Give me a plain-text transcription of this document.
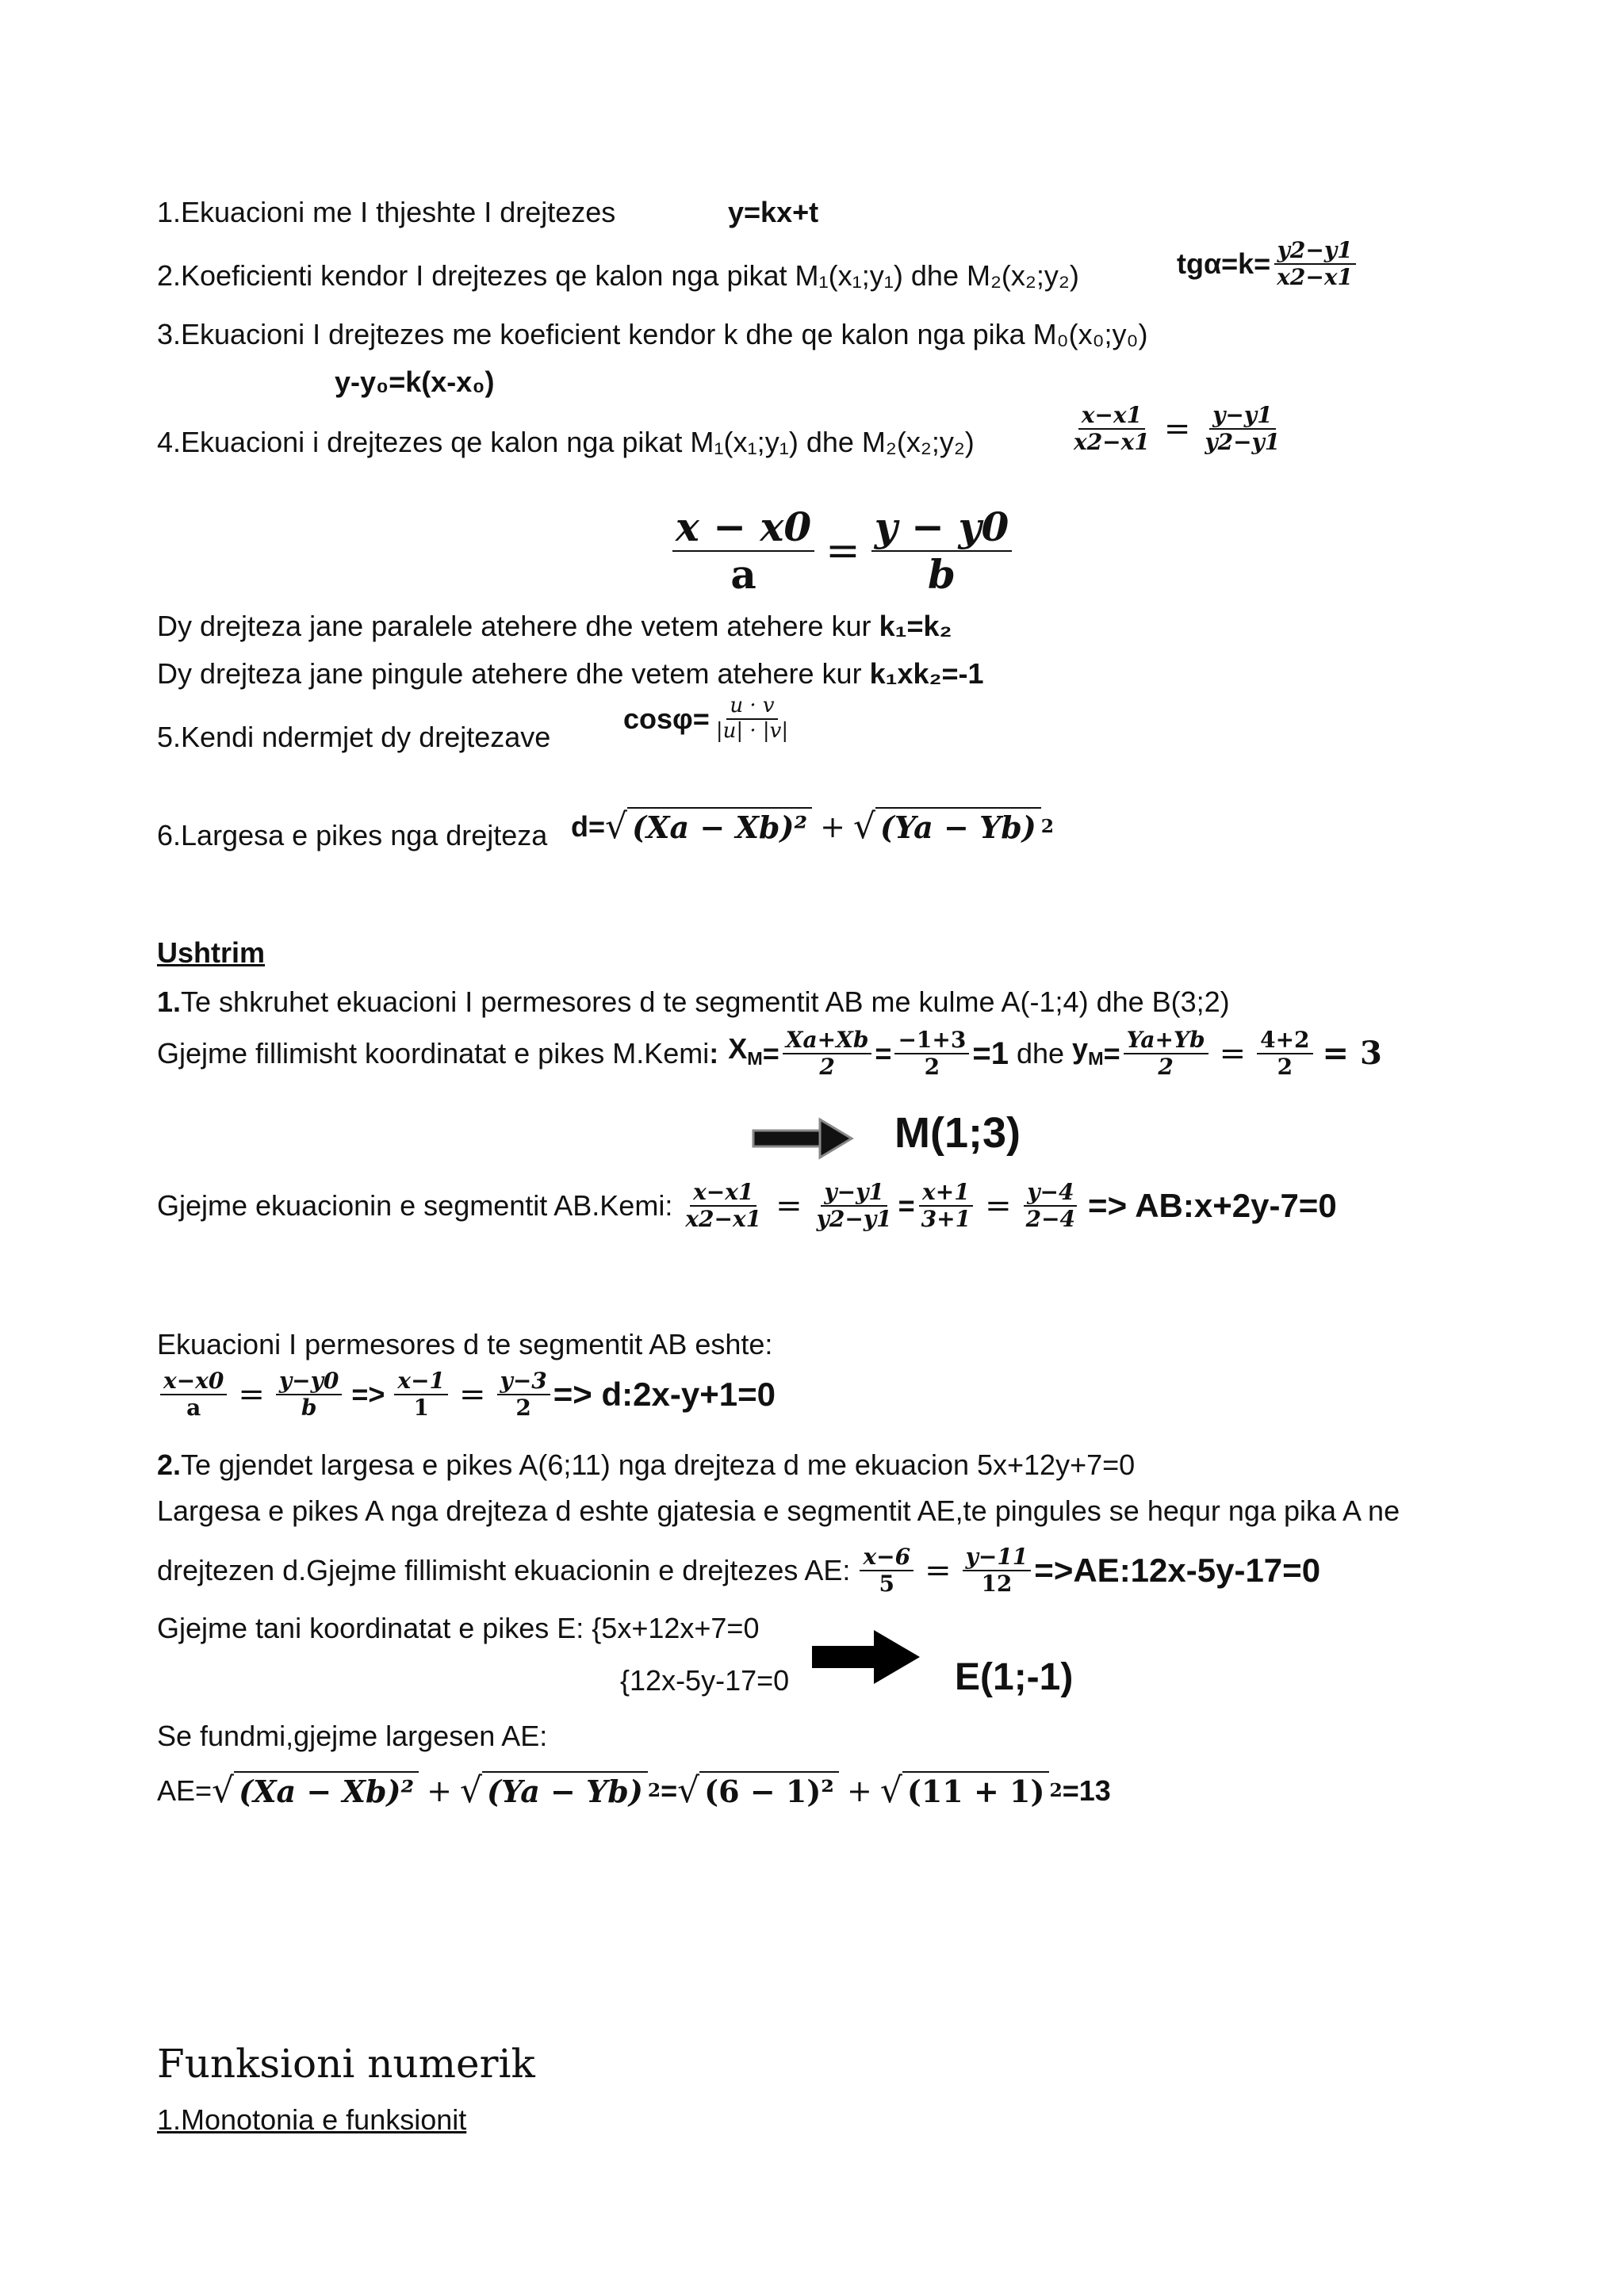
1.Ekuacioni me I thjeshte I drejtezes	y=kx+t
2.Koeficienti kendor I drejtezes qe kalon nga pikat M₁(x₁;y₁) dhe M₂(x₂;y₂)	$tg\alpha=k= \frac{y2-y1}{x2-x1}$
3.Ekuacioni I drejtezes me koeficient kendor k dhe qe kalon nga pika M₀(x₀;y₀)
y-y₀=k(x-x₀)
4.Ekuacioni i drejtezes qe kalon nga pikat M₁(x₁;y₁) dhe M₂(x₂;y₂)	$\frac{x-x1}{x2-x1} = \frac{y-y1}{y2-y1}$
$\frac{x - x0}{a} = \frac{y - y0}{b}$
Dy drejteza jane paralele atehere dhe vetem atehere kur k₁=k₂
Dy drejteza jane pingule atehere dhe vetem atehere kur k₁xk₂=-1
5.Kendi ndermjet dy drejtezave
$\cos\varphi= \frac{u \cdot v}{|u| \cdot |v|}$
6.Largesa e pikes nga drejteza d= √ (Xa − Xb)² + √ (Ya − Yb) 2
Ushtrim
1.Te shkruhet ekuacioni I permesores d te segmentit AB me kulme A(-1;4) dhe B(3;2)
Gjejme fillimisht koordinatat e pikes M.Kemi : $X_M = \frac{Xa+Xb}{2} = \frac{-1+3}{2} =1$ dhe $y_M = \frac{Ya+Yb}{2} = \frac{4+2}{2} = 3$
M(1;3)
Gjejme ekuacionin e segmentit AB.Kemi: $\frac{x-x1}{x2-x1} = \frac{y-y1}{y2-y1} = \frac{x+1}{3+1} = \frac{y-4}{2-4}$ => AB:x+2y-7=0
Ekuacioni I permesores d te segmentit AB eshte:
$\frac{x-x0}{a} = \frac{y-y0}{b} => \frac{x-1}{1} = \frac{y-3}{2}$ => d:2x-y+1=0
2.Te gjendet largesa e pikes A(6;11) nga drejteza d me ekuacion 5x+12y+7=0
Largesa e pikes A nga drejteza d eshte gjatesia e segmentit AE,te pingules se hequr nga pika A ne
drejtezen d.Gjejme fillimisht ekuacionin e drejtezes AE: $\frac{x-6}{5} = \frac{y-11}{12}$ =>AE:12x-5y-17=0
Gjejme tani koordinatat e pikes E: {5x+12x+7=0
{12x-5y-17=0	E(1;-1)
Se fundmi,gjejme largesen AE:
AE= √ (Xa − Xb)² + √ (Ya − Yb) 2 = √ (6 − 1)² + √ (11 + 1) 2 =13
Funksioni numerik
1.Monotonia e funksionit
